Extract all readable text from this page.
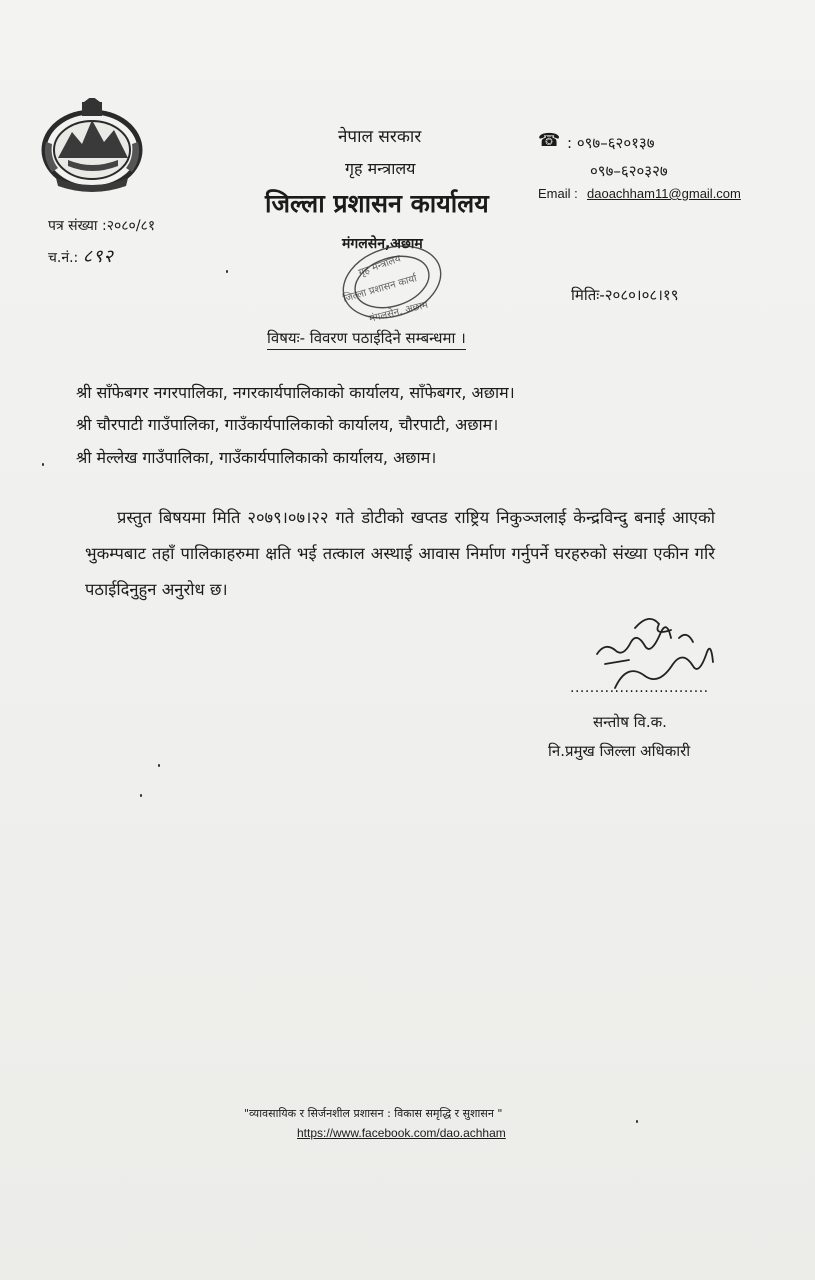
नेपाल सरकार
गृह मन्त्रालय
जिल्ला प्रशासन कार्यालय
मंगलसेन,अछाम
☎ : ०९७–६२०१३७
०९७–६२०३२७
Email : daoachham11@gmail.com
पत्र संख्या :२०८०/८१
च.नं.: ८९२	गृह मन्त्रालय
जिल्ला प्रशासन कार्या
मंगलसेन, अछाम
मितिः-२०८०।०८।१९
विषयः- विवरण पठाईदिने सम्बन्धमा ।
श्री साँफेबगर नगरपालिका, नगरकार्यपालिकाको कार्यालय, साँफेबगर, अछाम।
श्री चौरपाटी गाउँपालिका, गाउँकार्यपालिकाको कार्यालय, चौरपाटी, अछाम।
श्री मेल्लेख गाउँपालिका, गाउँकार्यपालिकाको कार्यालय, अछाम।
प्रस्तुत बिषयमा मिति २०७९।०७।२२ गते डोटीको खप्तड राष्ट्रिय निकुञ्जलाई केन्द्रविन्दु बनाई आएको भुकम्पबाट तहाँ पालिकाहरुमा क्षति भई तत्काल अस्थाई आवास निर्माण गर्नुपर्ने घरहरुको संख्या एकीन गरि पठाईदिनुहुन अनुरोध छ।
............................
सन्तोष वि.क.
नि.प्रमुख जिल्ला अधिकारी
"व्यावसायिक र सिर्जनशील प्रशासन : विकास समृद्धि र सुशासन "
https://www.facebook.com/dao.achham
